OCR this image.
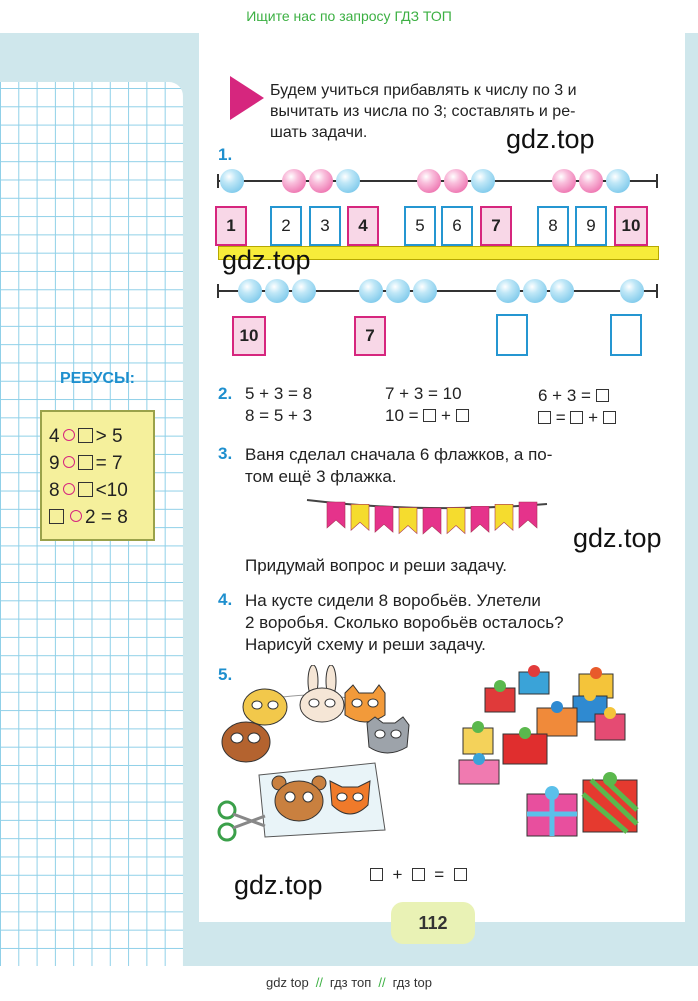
Ищите нас по запросу ГДЗ ТОП
112
gdz top // гдз топ // гдз top
Будем учиться прибавлять к числу по 3 и
вычитать из числа по 3; составлять и ре-
шать задачи.	gdz.top
1.
1	2	3	4	5	6	7	8	9	10
gdz.top
10	7
2. 5 + 3 = 8
8 = 5 + 3
7 + 3 = 10
10 = +
6 + 3 =
= +
3. Ваня сделал сначала 6 флажков, а по-
том ещё 3 флажка.
gdz.top
Придумай вопрос и реши задачу.
4. На кусте сидели 8 воробьёв. Улетели
2 воробья. Сколько воробьёв осталось?
Нарисуй схему и реши задачу.
5.
gdz.top	+ =
РЕБУСЫ:
4 > 5
9 = 7
8 <10
2 = 8
